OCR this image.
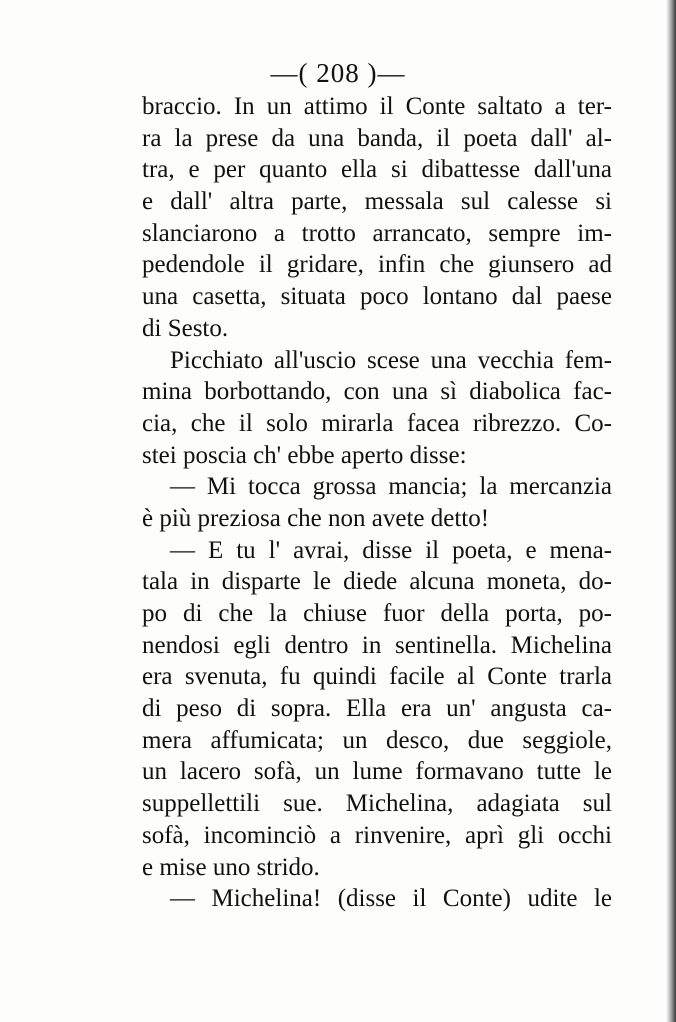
—( 208 )—
braccio. In un attimo il Conte saltato a ter-
ra la prese da una banda, il poeta dall' al-
tra, e per quanto ella si dibattesse dall'una
e dall' altra parte, messala sul calesse si
slanciarono a trotto arrancato, sempre im-
pedendole il gridare, infin che giunsero ad
una casetta, situata poco lontano dal paese
di Sesto.
Picchiato all'uscio scese una vecchia fem-
mina borbottando, con una sì diabolica fac-
cia, che il solo mirarla facea ribrezzo. Co-
stei poscia ch' ebbe aperto disse:
— Mi tocca grossa mancia; la mercanzia
è più preziosa che non avete detto!
— E tu l' avrai, disse il poeta, e mena-
tala in disparte le diede alcuna moneta, do-
po di che la chiuse fuor della porta, po-
nendosi egli dentro in sentinella. Michelina
era svenuta, fu quindi facile al Conte trarla
di peso di sopra. Ella era un' angusta ca-
mera affumicata; un desco, due seggiole,
un lacero sofà, un lume formavano tutte le
suppellettili sue. Michelina, adagiata sul
sofà, incominciò a rinvenire, aprì gli occhi
e mise uno strido.
— Michelina! (disse il Conte) udite le
